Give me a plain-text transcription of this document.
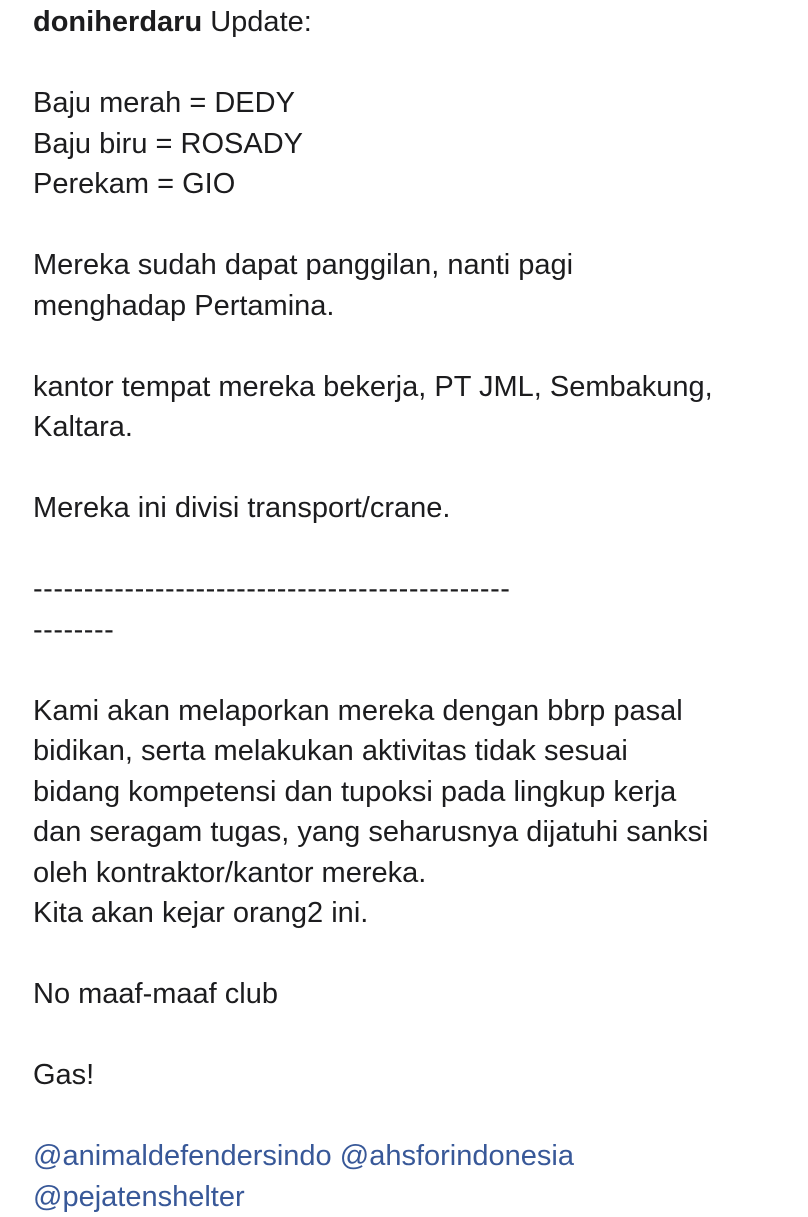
doniherdaru Update:
Baju merah = DEDY
Baju biru = ROSADY
Perekam = GIO
Mereka sudah dapat panggilan, nanti pagi
menghadap Pertamina.
kantor tempat mereka bekerja, PT JML, Sembakung,
Kaltara.
Mereka ini divisi transport/crane.
-----------------------------------------------
--------
Kami akan melaporkan mereka dengan bbrp pasal
bidikan, serta melakukan aktivitas tidak sesuai
bidang kompetensi dan tupoksi pada lingkup kerja
dan seragam tugas, yang seharusnya dijatuhi sanksi
oleh kontraktor/kantor mereka.
Kita akan kejar orang2 ini.
No maaf-maaf club
Gas!
@animaldefendersindo @ahsforindonesia
@pejatenshelter
